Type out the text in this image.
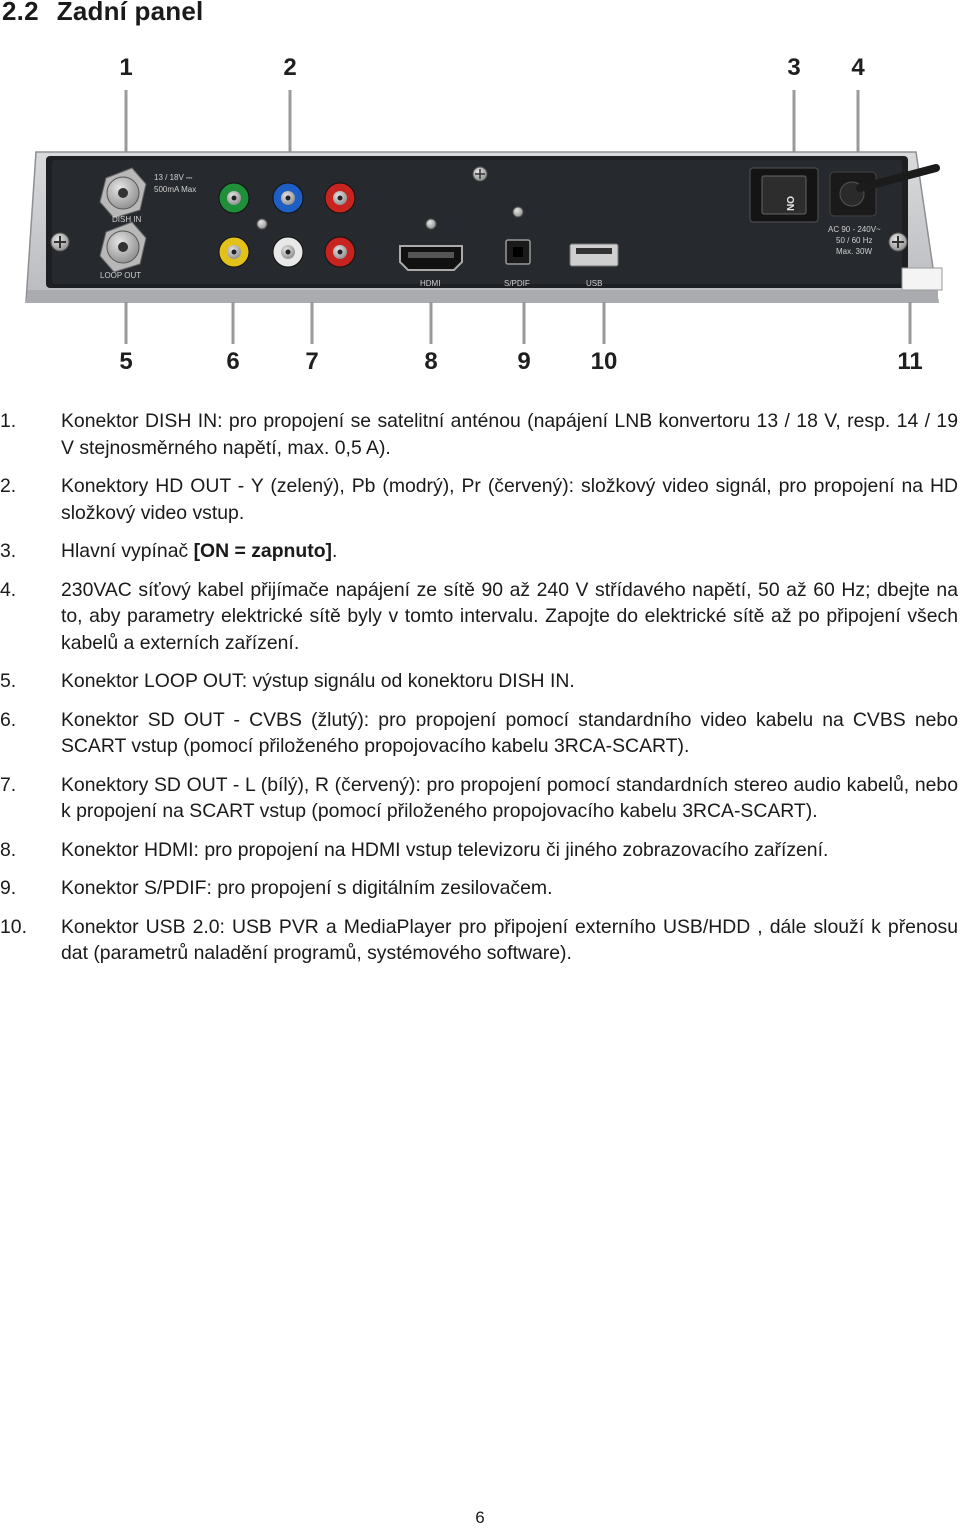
2.2 Zadní panel
1	2	3 4
5	6	7	8	9 10	11
DISH IN
LOOP OUT
13 / 18V ⎓
500mA Max
HDMI	S/PDIF	USB
ON
AC 90 - 240V~
50 / 60 Hz
Max. 30W
1. Konektor DISH IN: pro propojení se satelitní anténou (napájení LNB konvertoru 13 / 18 V, resp. 14 / 19 V stejnosměrného napětí, max. 0,5 A).
2. Konektory HD OUT - Y (zelený), Pb (modrý), Pr (červený): složkový video signál, pro propojení na HD složkový video vstup.
3. Hlavní vypínač [ON = zapnuto].
4. 230VAC síťový kabel přijímače napájení ze sítě 90 až 240 V střídavého napětí, 50 až 60 Hz; dbejte na to, aby parametry elektrické sítě byly v tomto intervalu. Zapojte do elektrické sítě až po připojení všech kabelů a externích zařízení.
5. Konektor LOOP OUT: výstup signálu od konektoru DISH IN.
6. Konektor SD OUT - CVBS (žlutý): pro propojení pomocí standardního video kabelu na CVBS nebo SCART vstup (pomocí přiloženého propojovacího kabelu 3RCA-SCART).
7. Konektory SD OUT - L (bílý), R (červený): pro propojení pomocí standardních stereo audio kabelů, nebo k propojení na SCART vstup (pomocí přiloženého propojovacího kabelu 3RCA-SCART).
8. Konektor HDMI: pro propojení na HDMI vstup televizoru či jiného zobrazovacího zařízení.
9. Konektor S/PDIF: pro propojení s digitálním zesilovačem.
10. Konektor USB 2.0: USB PVR a MediaPlayer pro připojení externího USB/HDD , dále slouží k přenosu dat (parametrů naladění programů, systémového software).
6
